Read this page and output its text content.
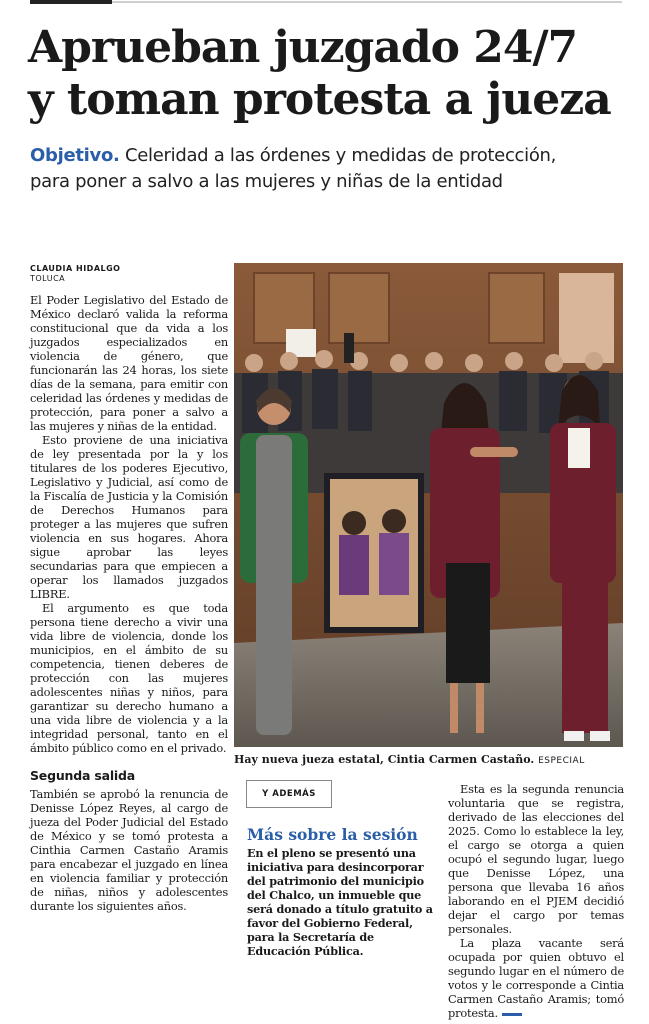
Aprueban juzgado 24/7
y toman protesta a jueza
Objetivo. Celeridad a las órdenes y medidas de protección,
para poner a salvo a las mujeres y niñas de la entidad
CLAUDIA HIDALGO
TOLUCA

El Poder Legislativo del Estado de México declaró valida la reforma constitucional que da vida a los juzgados especializados en violencia de género, que funcionarán las 24 horas, los siete días de la semana, para emitir con celeridad las órdenes y medidas de protección, para poner a salvo a las mujeres y niñas de la entidad.

Esto proviene de una iniciativa de ley presentada por la y los titulares de los poderes Ejecutivo, Legislativo y Judicial, así como de la Fiscalía de Justicia y la Comisión de Derechos Humanos para proteger a las mujeres que sufren violencia en sus hogares. Ahora sigue aprobar las leyes secundarias para que empiecen a operar los llamados juzgados LIBRE.

El argumento es que toda persona tiene derecho a vivir una vida libre de violencia, donde los municipios, en el ámbito de su competencia, tienen deberes de protección con las mujeres adolescentes niñas y niños, para garantizar su derecho humano a una vida libre de violencia y a la integridad personal, tanto en el ámbito público como en el privado.

Segunda salida

También se aprobó la renuncia de Denisse López Reyes, al cargo de jueza del Poder Judicial del Estado de México y se tomó protesta a Cinthia Carmen Castaño Aramis para encabezar el juzgado en línea en violencia familiar y protección de niñas, niños y adolescentes durante los siguientes años.

Hay nueva jueza estatal, Cintia Carmen Castaño. ESPECIAL
Y ADEMÁS
Más sobre la sesión

En el pleno se presentó una iniciativa para desincorporar del patrimonio del municipio del Chalco, un inmueble que será donado a título gratuito a favor del Gobierno Federal, para la Secretaría de Educación Pública.

Esta es la segunda renuncia voluntaria que se registra, derivado de las elecciones del 2025. Como lo establece la ley, el cargo se otorga a quien ocupó el segundo lugar, luego que Denisse López, una persona que llevaba 16 años laborando en el PJEM decidió dejar el cargo por temas personales.

La plaza vacante será ocupada por quien obtuvo el segundo lugar en el número de votos y le corresponde a Cintia Carmen Castaño Aramis; tomó protesta.
